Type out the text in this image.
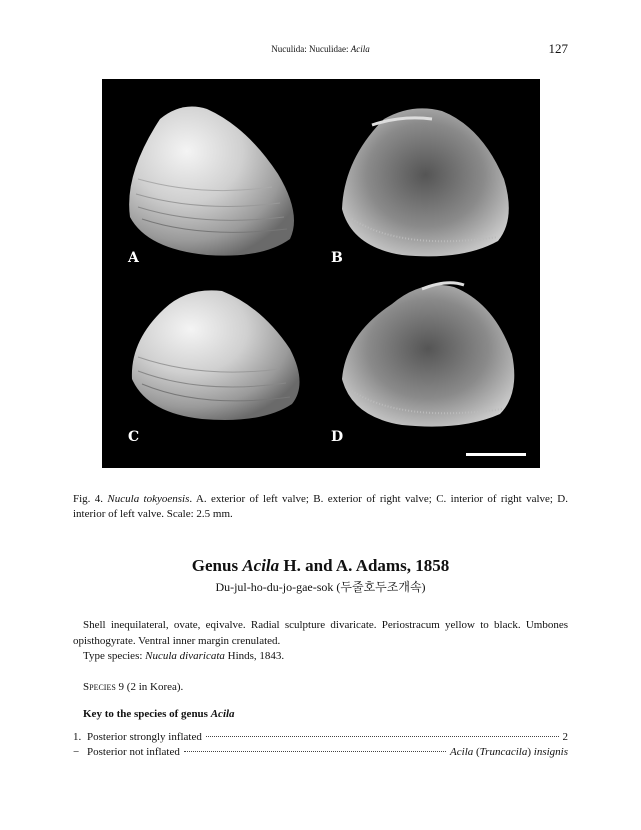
Nuculida: Nuculidae: Acila	127
A	B
C	D
Fig. 4. Nucula tokyoensis. A. exterior of left valve; B. exterior of right valve; C. interior of right valve; D. interior of left valve. Scale: 2.5 mm.
Genus Acila H. and A. Adams, 1858
Du-jul-ho-du-jo-gae-sok (두줄호두조개속)

Shell inequilateral, ovate, eqivalve. Radial sculpture divaricate. Periostracum yellow to black. Umbones opisthogyrate. Ventral inner margin crenulated.

Type species: Nucula divaricata Hinds, 1843.
SPECIES 9 (2 in Korea).
Key to the species of genus Acila
1. Posterior strongly inflated	2
− Posterior not inflated	Acila (Truncacila) insignis
